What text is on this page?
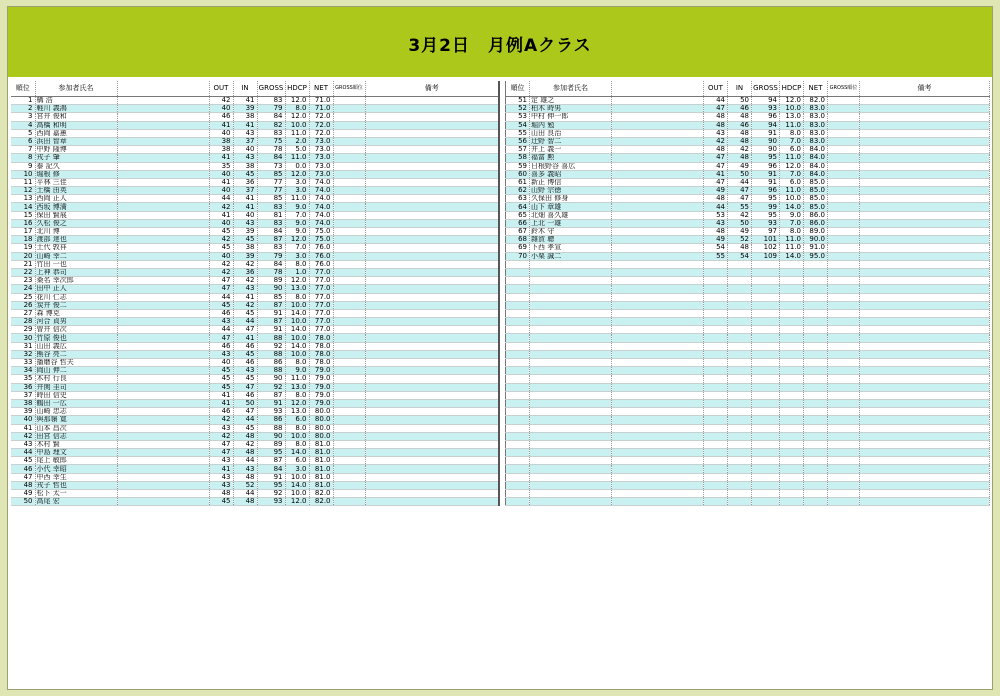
3月2日　月例Aクラス
順位	参加者氏名		OUT	IN	GROSS	HDCP	NET	GROSS順位	備考
1	構 浩		42	41	83	12.0	71.0		
2	軽川 義鴻		40	39	79	8.0	71.0		
3	宮井 俊和		46	38	84	12.0	72.0		
4	高橋 和明		41	41	82	10.0	72.0		
5	西岡 嘉蕙		40	43	83	11.0	72.0		
6	浜田 智章		38	37	75	2.0	73.0		
7	中野 隆博		38	40	78	5.0	73.0		
8	戎子 肇		41	43	84	11.0	73.0		
9	泰 記久		35	38	73	0.0	73.0		
10	堀根 修		40	45	85	12.0	73.0		
11	平林 三佳		41	36	77	3.0	74.0		
12	土橋 由英		40	37	77	3.0	74.0		
13	西岡 正人		44	41	85	11.0	74.0		
14	西坂 博満		42	41	83	9.0	74.0		
15	保田 賢展		41	40	81	7.0	74.0		
16	久松 俊之		40	43	83	9.0	74.0		
17	北川 博		45	39	84	9.0	75.0		
18	渡部 達也		42	45	87	12.0	75.0		
19	土代 敦祥		45	38	83	7.0	76.0		
20	山崎 幸二		40	39	79	3.0	76.0		
21	竹田 一也		42	42	84	8.0	76.0		
22	上神 恭司		42	36	78	1.0	77.0		
23	桑名 幸次郎		47	42	89	12.0	77.0		
24	田中 正人		47	43	90	13.0	77.0		
25	花川 仁志		44	41	85	8.0	77.0		
26	炭井 俊二		45	42	87	10.0	77.0		
27	森 博克		46	45	91	14.0	77.0		
28	河合 貞男		43	44	87	10.0	77.0		
29	曽井 信次		44	47	91	14.0	77.0		
30	竹原 俊也		47	41	88	10.0	78.0		
31	山田 義広		46	46	92	14.0	78.0		
32	熊谷 亮二		43	45	88	10.0	78.0		
33	播磨谷 哲夫		40	46	86	8.0	78.0		
34	岡山 伸二		45	43	88	9.0	79.0		
35	木村 行良		45	45	90	11.0	79.0		
36	井関 圭司		45	47	92	13.0	79.0		
37	時田 信史		41	46	87	8.0	79.0		
38	鶴田 一広		41	50	91	12.0	79.0		
39	山崎 忠志		46	47	93	13.0	80.0		
40	與那嶺 寛		42	44	86	6.0	80.0		
41	山本 昌次		43	45	88	8.0	80.0		
42	田宮 信志		42	48	90	10.0	80.0		
43	木村 賢		47	42	89	8.0	81.0		
44	中島 理文		47	48	95	14.0	81.0		
45	尾上 敏郎		43	44	87	6.0	81.0		
46	小代 幸昭		41	43	84	3.0	81.0		
47	中西 幸生		43	48	91	10.0	81.0		
48	戎子 哲也		43	52	95	14.0	81.0		
49	松下 太一		48	44	92	10.0	82.0		
50	高尾 宏		45	48	93	12.0	82.0		
順位	参加者氏名		OUT	IN	GROSS	HDCP	NET	GROSS順位	備考
51	定 雄之		44	50	94	12.0	82.0		
52	柏木 時男		47	46	93	10.0	83.0		
53	中村 伸一郎		48	48	96	13.0	83.0		
54	堀内 勉		48	46	94	11.0	83.0		
55	山田 良治		43	48	91	8.0	83.0		
56	辻野 智二		42	48	90	7.0	83.0		
57	井上 義一		48	42	90	6.0	84.0		
58	福富 勲		47	48	95	11.0	84.0		
59	日根野谷 喜広		47	49	96	12.0	84.0		
60	喜多 義昭		41	50	91	7.0	84.0		
61	新正 博信		47	44	91	6.0	85.0		
62	山野 宗徳		49	47	96	11.0	85.0		
63	久保田 修身		48	47	95	10.0	85.0		
64	山下 章雄		44	55	99	14.0	85.0		
65	北畑 喜久雄		53	42	95	9.0	86.0		
66	上北 一雄		43	50	93	7.0	86.0		
67	鈴木 守		48	49	97	8.0	89.0		
68	雜賀 聰		49	52	101	11.0	90.0		
69	下西 孝宣		54	48	102	11.0	91.0		
70	小栗 誠二		55	54	109	14.0	95.0		
